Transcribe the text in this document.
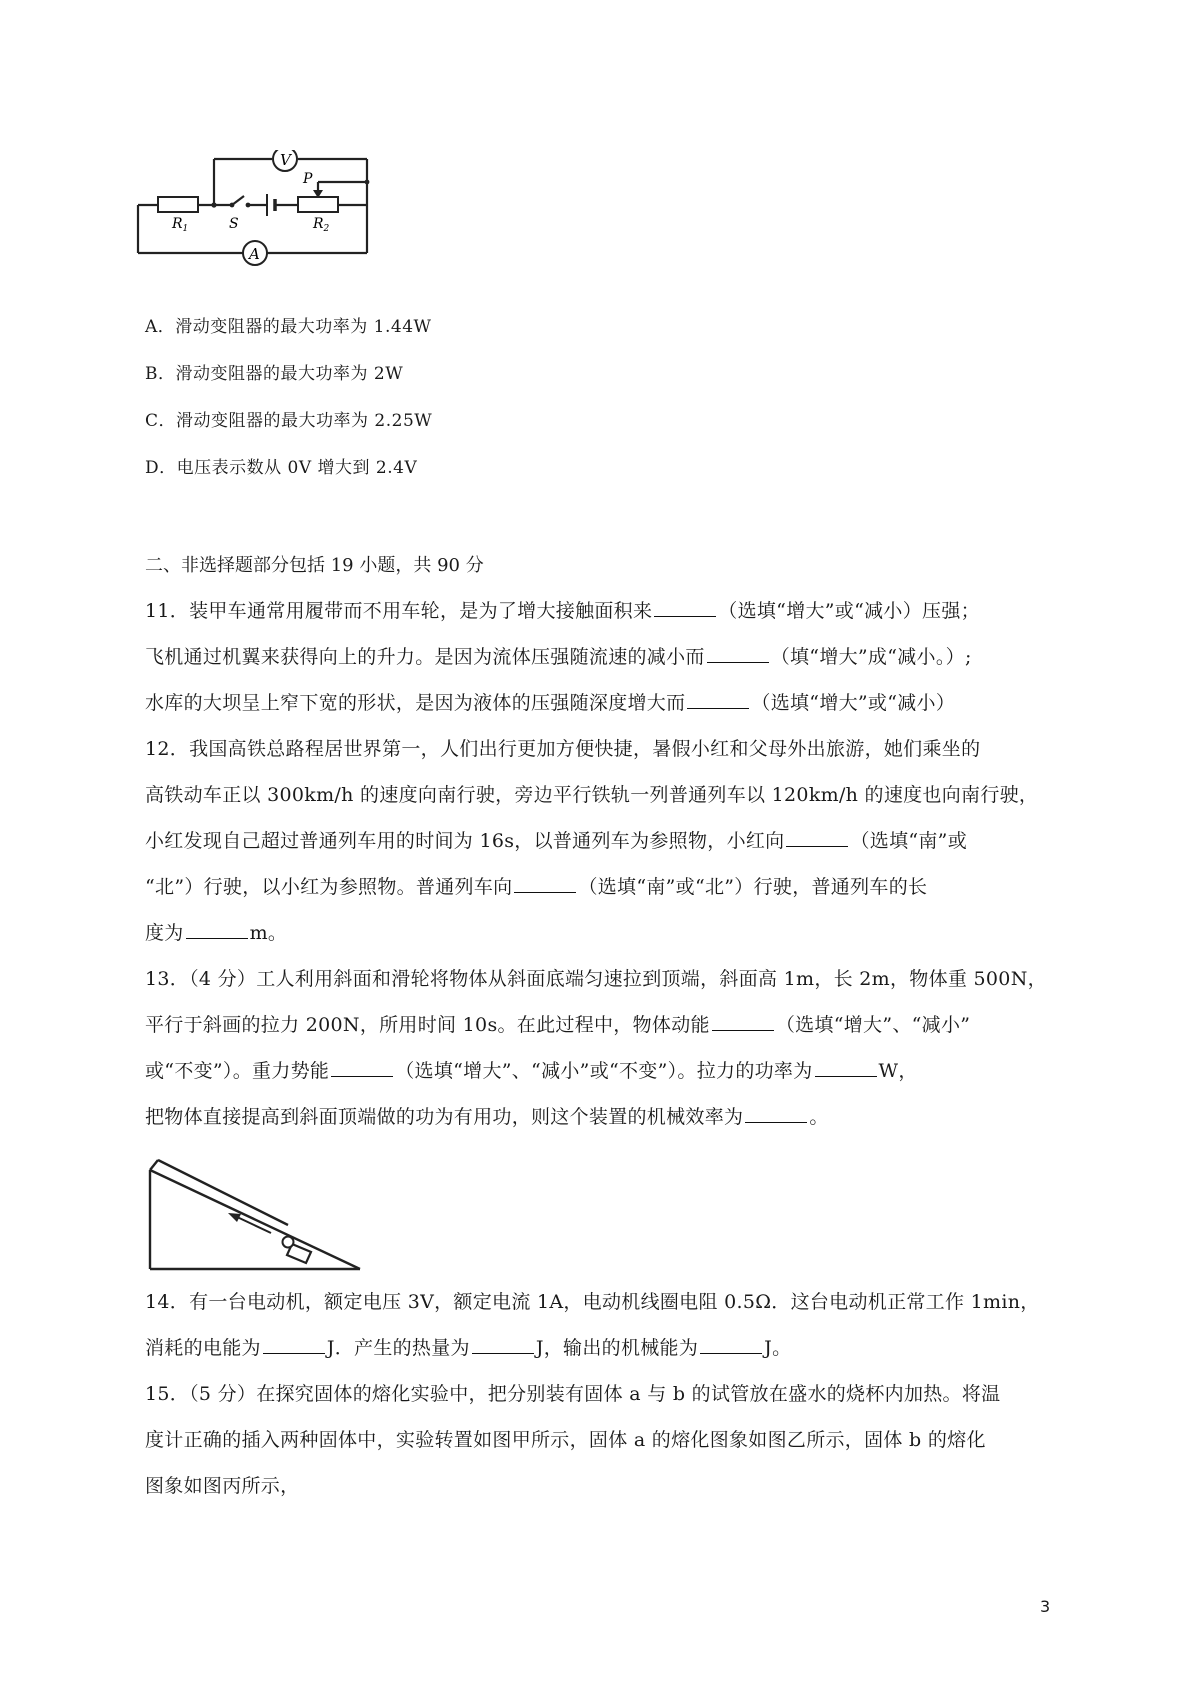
V
A
$R_1$	S
P
$R_2$
A．滑动变阻器的最大功率为 1.44W
B．滑动变阻器的最大功率为 2W
C．滑动变阻器的最大功率为 2.25W
D．电压表示数从 0V 增大到 2.4V
二、非选择题部分包括 19 小题，共 90 分
11．装甲车通常用履带而不用车轮，是为了增大接触面积来	（选填“增大”或“减小）压强；
飞机通过机翼来获得向上的升力。是因为流体压强随流速的减小而	（填“增大”成“减小。）;
水库的大坝呈上窄下宽的形状，是因为液体的压强随深度增大而	（选填“增大”或“减小）
12．我国高铁总路程居世界第一，人们出行更加方便快捷，暑假小红和父母外出旅游，她们乘坐的
高铁动车正以 300km/h 的速度向南行驶，旁边平行铁轨一列普通列车以 120km/h 的速度也向南行驶，
小红发现自己超过普通列车用的时间为 16s，以普通列车为参照物，小红向	（选填“南”或
“北”）行驶，以小红为参照物。普通列车向	（选填“南”或“北”）行驶，普通列车的长
度为	m。
13．（4 分）工人利用斜面和滑轮将物体从斜面底端匀速拉到顶端，斜面高 1m，长 2m，物体重 500N，
平行于斜画的拉力 200N，所用时间 10s。在此过程中，物体动能	（选填“增大”、“减小”
或“不变”）。重力势能	（选填“增大”、“减小”或“不变”）。拉力的功率为	W，
把物体直接提高到斜面顶端做的功为有用功，则这个装置的机械效率为	。
14．有一台电动机，额定电压 3V，额定电流 1A，电动机线圈电阻 0.5Ω．这台电动机正常工作 1min，
消耗的电能为	J．产生的热量为	J，输出的机械能为	J。
15．（5 分）在探究固体的熔化实验中，把分别装有固体 a 与 b 的试管放在盛水的烧杯内加热。将温
度计正确的插入两种固体中，实验转置如图甲所示，固体 a 的熔化图象如图乙所示，固体 b 的熔化
图象如图丙所示，
3
